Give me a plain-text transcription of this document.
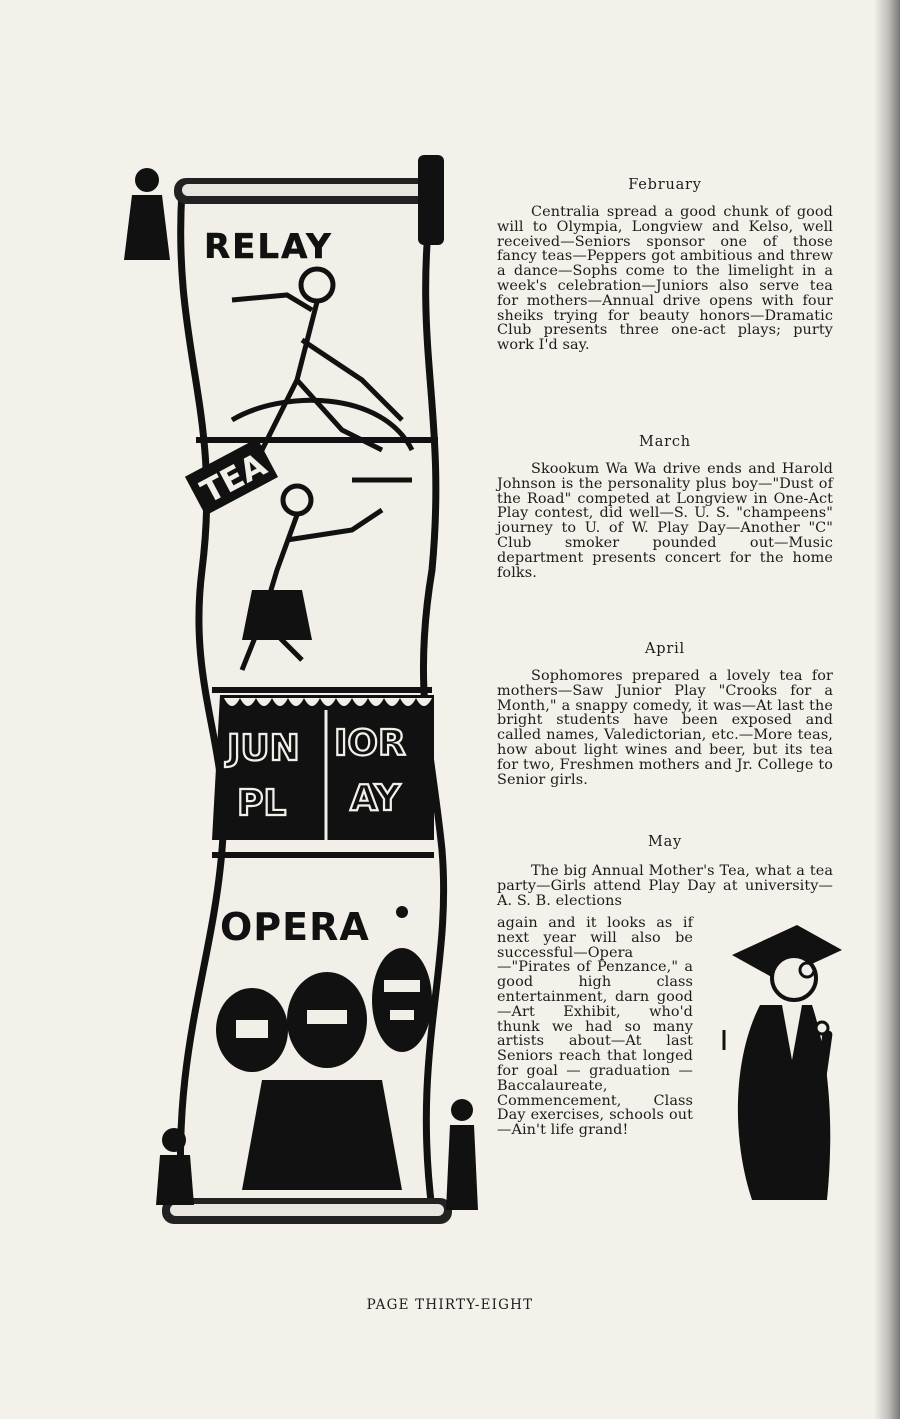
RELAY
TEA
JUN IOR
PL AY
OPERA

February

Centralia spread a good chunk of good will to Olympia, Longview and Kelso, well received—Seniors sponsor one of those fancy teas—Peppers got ambitious and threw a dance—Sophs come to the limelight in a week's celebration—Juniors also serve tea for mothers—Annual drive opens with four sheiks trying for beauty honors—Dramatic Club presents three one-act plays; purty work I'd say.

March

Skookum Wa Wa drive ends and Harold Johnson is the personality plus boy—"Dust of the Road" competed at Longview in One-Act Play contest, did well—S. U. S. "champeens" journey to U. of W. Play Day—Another "C" Club smoker pounded out—Music department presents concert for the home folks.

April

Sophomores prepared a lovely tea for mothers—Saw Junior Play "Crooks for a Month," a snappy comedy, it was—At last the bright students have been exposed and called names, Valedictorian, etc.—More teas, how about light wines and beer, but its tea for two, Freshmen mothers and Jr. College to Senior girls.

May

The big Annual Mother's Tea, what a tea party—Girls attend Play Day at university—A. S. B. elections

again and it looks as if next year will also be successful—Opera—"Pirates of Penzance," a good high class entertainment, darn good—Art Exhibit, who'd thunk we had so many artists about—At last Seniors reach that longed for goal — graduation — Baccalaureate, Commencement, Class Day exercises, schools out—Ain't life grand!

PAGE THIRTY-EIGHT
